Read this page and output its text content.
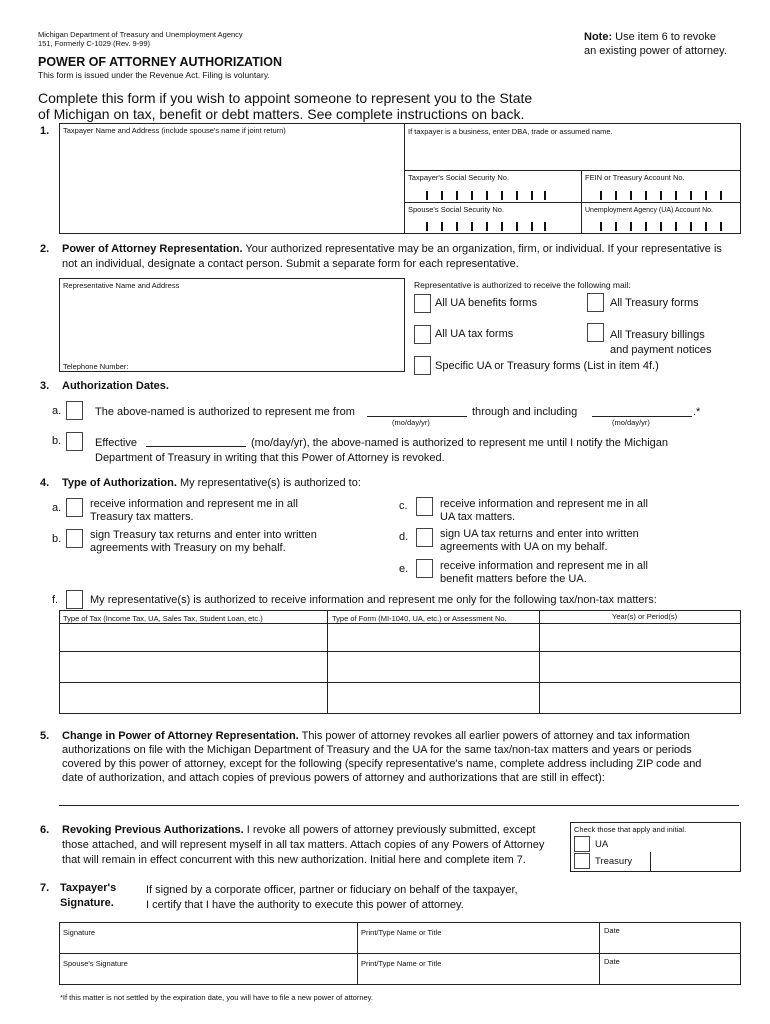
Michigan Department of Treasury and Unemployment Agency
151, Formerly C-1029 (Rev. 9-99)
POWER OF ATTORNEY AUTHORIZATION
This form is issued under the Revenue Act. Filing is voluntary.
Note: Use item 6 to revoke
an existing power of attorney.
Complete this form if you wish to appoint someone to represent you to the State
of Michigan on tax, benefit or debt matters. See complete instructions on back.
1. Taxpayer Name and Address (include spouse's name if joint return)	If taxpayer is a business, enter DBA, trade or assumed name.
Taxpayer's Social Security No.	FEIN or Treasury Account No.
Spouse's Social Security No.	Unemployment Agency (UA) Account No.
2. Power of Attorney Representation. Your authorized representative may be an organization, firm, or individual. If your representative is
not an individual, designate a contact person. Submit a separate form for each representative.
Representative Name and Address
Telephone Number:
Representative is authorized to receive the following mail:
All UA benefits forms	All Treasury forms
All UA tax forms	All Treasury billings
and payment notices
Specific UA or Treasury forms (List in item 4f.)
3. Authorization Dates.
a.	The above-named is authorized to represent me from
(mo/day/yr)
through and including
(mo/day/yr)
.*
b.	Effective	(mo/day/yr), the above-named is authorized to represent me until I notify the Michigan
Department of Treasury in writing that this Power of Attorney is revoked.
4. Type of Authorization. My representative(s) is authorized to:
a.	receive information and represent me in all
Treasury tax matters.
b.	sign Treasury tax returns and enter into written
agreements with Treasury on my behalf.
c.	receive information and represent me in all
UA tax matters.
d.	sign UA tax returns and enter into written
agreements with UA on my behalf.
e.	receive information and represent me in all
benefit matters before the UA.
f.	My representative(s) is authorized to receive information and represent me only for the following tax/non-tax matters:
Type of Tax (Income Tax, UA, Sales Tax, Student Loan, etc.)	Type of Form (MI-1040, UA, etc.) or Assessment No.	Year(s) or Period(s)
5. Change in Power of Attorney Representation. This power of attorney revokes all earlier powers of attorney and tax information
authorizations on file with the Michigan Department of Treasury and the UA for the same tax/non-tax matters and years or periods
covered by this power of attorney, except for the following (specify representative's name, complete address including ZIP code and
date of authorization, and attach copies of previous powers of attorney and authorizations that are still in effect):
6. Revoking Previous Authorizations. I revoke all powers of attorney previously submitted, except
those attached, and will represent myself in all tax matters. Attach copies of any Powers of Attorney
that will remain in effect concurrent with this new authorization. Initial here and complete item 7.
Check those that apply and initial.
UA
Treasury
7. Taxpayer's
Signature.
If signed by a corporate officer, partner or fiduciary on behalf of the taxpayer,
I certify that I have the authority to execute this power of attorney.
Signature	Print/Type Name or Title	Date
Spouse's Signature	Print/Type Name or Title	Date
*If this matter is not settled by the expiration date, you will have to file a new power of attorney.
